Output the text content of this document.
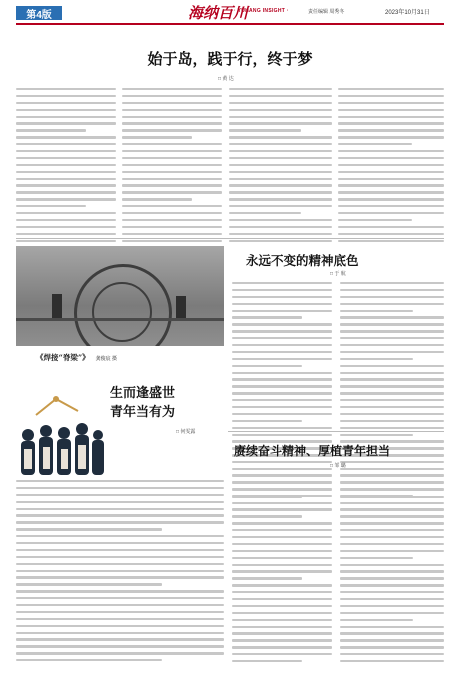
第4版	海纳百川
· YUHANG INSIGHT ·	责任编辑 周秀冬	2023年10月31日
始于岛，践于行，终于梦
□ 黄 达
《焊接“脊梁”》 龚俊宸 摄
永远不变的精神底色
□ 于 航
生而逢盛世
青年当有为
□ 何雯露
赓续奋斗精神、厚植青年担当
□ 邹 璐
